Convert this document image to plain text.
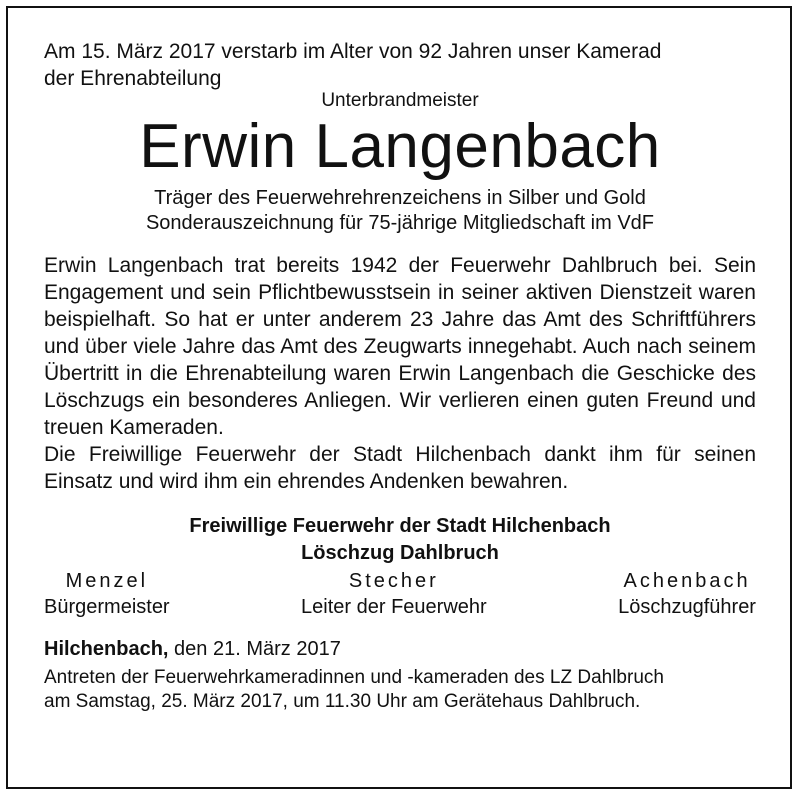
Am 15. März 2017 verstarb im Alter von 92 Jahren unser Kamerad
der Ehrenabteilung

Unterbrandmeister

Erwin Langenbach

Träger des Feuerwehrehrenzeichens in Silber und Gold
Sonderauszeichnung für 75-jährige Mitgliedschaft im VdF

Erwin Langenbach trat bereits 1942 der Feuerwehr Dahlbruch bei. Sein Engagement und sein Pflichtbewusstsein in seiner aktiven Dienstzeit waren beispielhaft. So hat er unter anderem 23 Jahre das Amt des Schriftführers und über viele Jahre das Amt des Zeugwarts innegehabt. Auch nach seinem Übertritt in die Ehrenabteilung waren Erwin Langenbach die Geschicke des Löschzugs ein besonderes Anliegen. Wir verlieren einen guten Freund und treuen Kameraden.

Die Freiwillige Feuerwehr der Stadt Hilchenbach dankt ihm für seinen Einsatz und wird ihm ein ehrendes Andenken bewahren.

Freiwillige Feuerwehr der Stadt Hilchenbach
Löschzug Dahlbruch
Menzel
Bürgermeister
Stecher
Leiter der Feuerwehr
Achenbach
Löschzugführer
Hilchenbach, den 21. März 2017
Antreten der Feuerwehrkameradinnen und -kameraden des LZ Dahlbruch
am Samstag, 25. März 2017, um 11.30 Uhr am Gerätehaus Dahlbruch.
